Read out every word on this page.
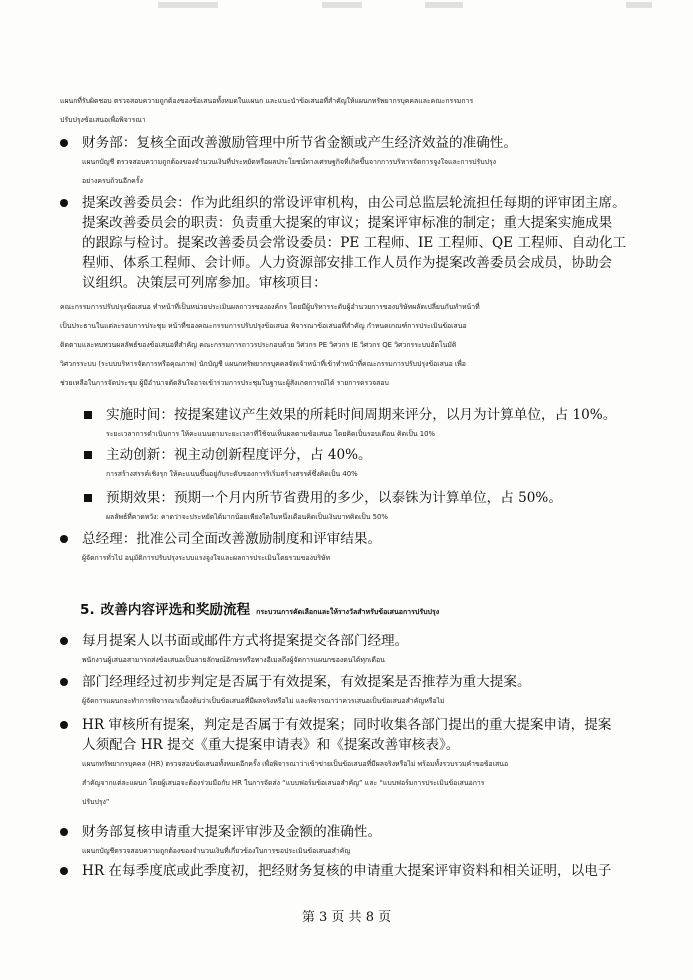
แผนกที่รับผิดชอบ ตรวจสอบความถูกต้องของข้อเสนอทั้งหมดในแผนก และแนะนำข้อเสนอที่สำคัญให้แผนกทรัพยากรบุคคลและคณะกรรมการ

ปรับปรุงข้อเสนอเพื่อพิจารณา

财务部：复核全面改善激励管理中所节省金额或产生经济效益的准确性。

แผนกบัญชี ตรวจสอบความถูกต้องของจำนวนเงินที่ประหยัดหรือผลประโยชน์ทางเศรษฐกิจที่เกิดขึ้นจากการบริหารจัดการจูงใจและการปรับปรุง

อย่างครบถ้วนอีกครั้ง

提案改善委员会：作为此组织的常设评审机构，由公司总监层轮流担任每期的评审团主席。

提案改善委员会的职责：负责重大提案的审议；提案评审标准的制定；重大提案实施成果

的跟踪与检讨。提案改善委员会常设委员：PE 工程师、IE 工程师、QE 工程师、自动化工

程师、体系工程师、会计师。人力资源部安排工作人员作为提案改善委员会成员，协助会

议组织。决策层可列席参加。审核项目：

คณะกรรมการปรับปรุงข้อเสนอ ทำหน้าที่เป็นหน่วยประเมินผลถาวรขององค์กร โดยมีผู้บริหารระดับผู้อำนวยการของบริษัทผลัดเปลี่ยนกันทำหน้าที่

เป็นประธานในแต่ละรอบการประชุม หน้าที่ของคณะกรรมการปรับปรุงข้อเสนอ พิจารณาข้อเสนอที่สำคัญ กำหนดเกณฑ์การประเมินข้อเสนอ

ติดตามและทบทวนผลลัพธ์ของข้อเสนอที่สำคัญ คณะกรรมการถาวรประกอบด้วย วิศวกร PE วิศวกร IE วิศวกร QE วิศวกรระบบอัตโนมัติ

วิศวกรระบบ (ระบบบริหารจัดการหรือคุณภาพ) นักบัญชี แผนกทรัพยากรบุคคลจัดเจ้าหน้าที่เข้าทำหน้าที่คณะกรรมการปรับปรุงข้อเสนอ เพื่อ

ช่วยเหลือในการจัดประชุม ผู้มีอำนาจตัดสินใจอาจเข้าร่วมการประชุมในฐานะผู้สังเกตการณ์ได้ รายการตรวจสอบ

实施时间：按提案建议产生效果的所耗时间周期来评分，以月为计算单位，占 10%。

ระยะเวลาการดำเนินการ ให้คะแนนตามระยะเวลาที่ใช้จนเห็นผลตามข้อเสนอ โดยคิดเป็นรอบเดือน คิดเป็น 10%

主动创新：视主动创新程度评分，占 40%。

การสร้างสรรค์เชิงรุก ให้คะแนนขึ้นอยู่กับระดับของการริเริ่มสร้างสรรค์ซึ่งคิดเป็น 40%

预期效果：预期一个月内所节省费用的多少，以泰铢为计算单位，占 50%。

ผลลัพธ์ที่คาดหวัง: คาดว่าจะประหยัดได้มากน้อยเพียงใดในหนึ่งเดือนคิดเป็นเงินบาทคิดเป็น 50%

总经理：批准公司全面改善激励制度和评审结果。

ผู้จัดการทั่วไป อนุมัติการปรับปรุงระบบแรงจูงใจและผลการประเมินโดยรวมของบริษัท

5. 改善内容评选和奖励流程 กระบวนการคัดเลือกและให้รางวัลสำหรับข้อเสนอการปรับปรุง

每月提案人以书面或邮件方式将提案提交各部门经理。

พนักงานผู้เสนอสามารถส่งข้อเสนอเป็นลายลักษณ์อักษรหรือทางอีเมลถึงผู้จัดการแผนกของตนได้ทุกเดือน

部门经理经过初步判定是否属于有效提案，有效提案是否推荐为重大提案。

ผู้จัดการแผนกจะทำการพิจารณาเบื้องต้นว่าเป็นข้อเสนอที่มีผลจริงหรือไม่ และพิจารณาว่าควรเสนอเป็นข้อเสนอสำคัญหรือไม่

HR 审核所有提案，判定是否属于有效提案；同时收集各部门提出的重大提案申请，提案

人须配合 HR 提交《重大提案申请表》和《提案改善审核表》。

แผนกทรัพยากรบุคคล (HR) ตรวจสอบข้อเสนอทั้งหมดอีกครั้ง เพื่อพิจารณาว่าเข้าข่ายเป็นข้อเสนอที่มีผลจริงหรือไม่ พร้อมทั้งรวบรวมคำขอข้อเสนอ

สำคัญจากแต่ละแผนก โดยผู้เสนอจะต้องร่วมมือกับ HR ในการจัดส่ง “แบบฟอร์มข้อเสนอสำคัญ” และ “แบบฟอร์มการประเมินข้อเสนอการ

ปรับปรุง”

财务部复核申请重大提案评审涉及金额的准确性。

แผนกบัญชีตรวจสอบความถูกต้องของจำนวนเงินที่เกี่ยวข้องในการขอประเมินข้อเสนอสำคัญ

HR 在每季度底或此季度初，把经财务复核的申请重大提案评审资料和相关证明，以电子

第 3 页 共 8 页
